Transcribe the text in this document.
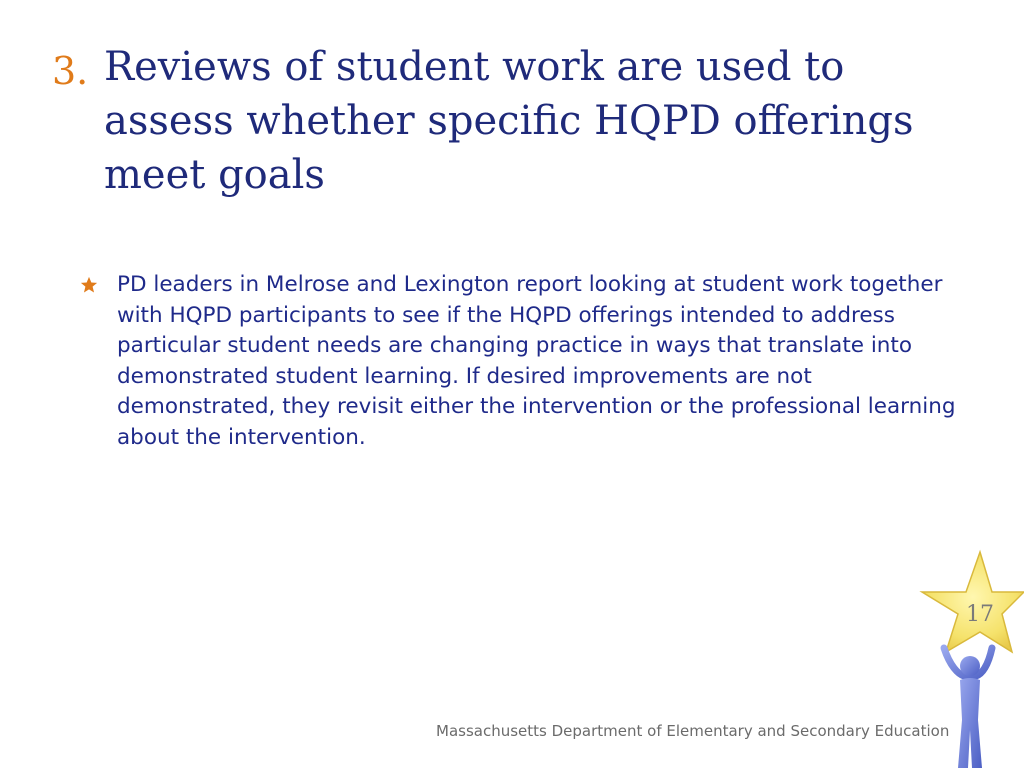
3. Reviews of student work are used to assess whether specific HQPD offerings meet goals
PD leaders in Melrose and Lexington report looking at student work together with HQPD participants to see if the HQPD offerings intended to address particular student needs are changing practice in ways that translate into demonstrated student learning. If desired improvements are not demonstrated, they revisit either the intervention or the professional learning about the intervention.
17
Massachusetts Department of Elementary and Secondary Education
